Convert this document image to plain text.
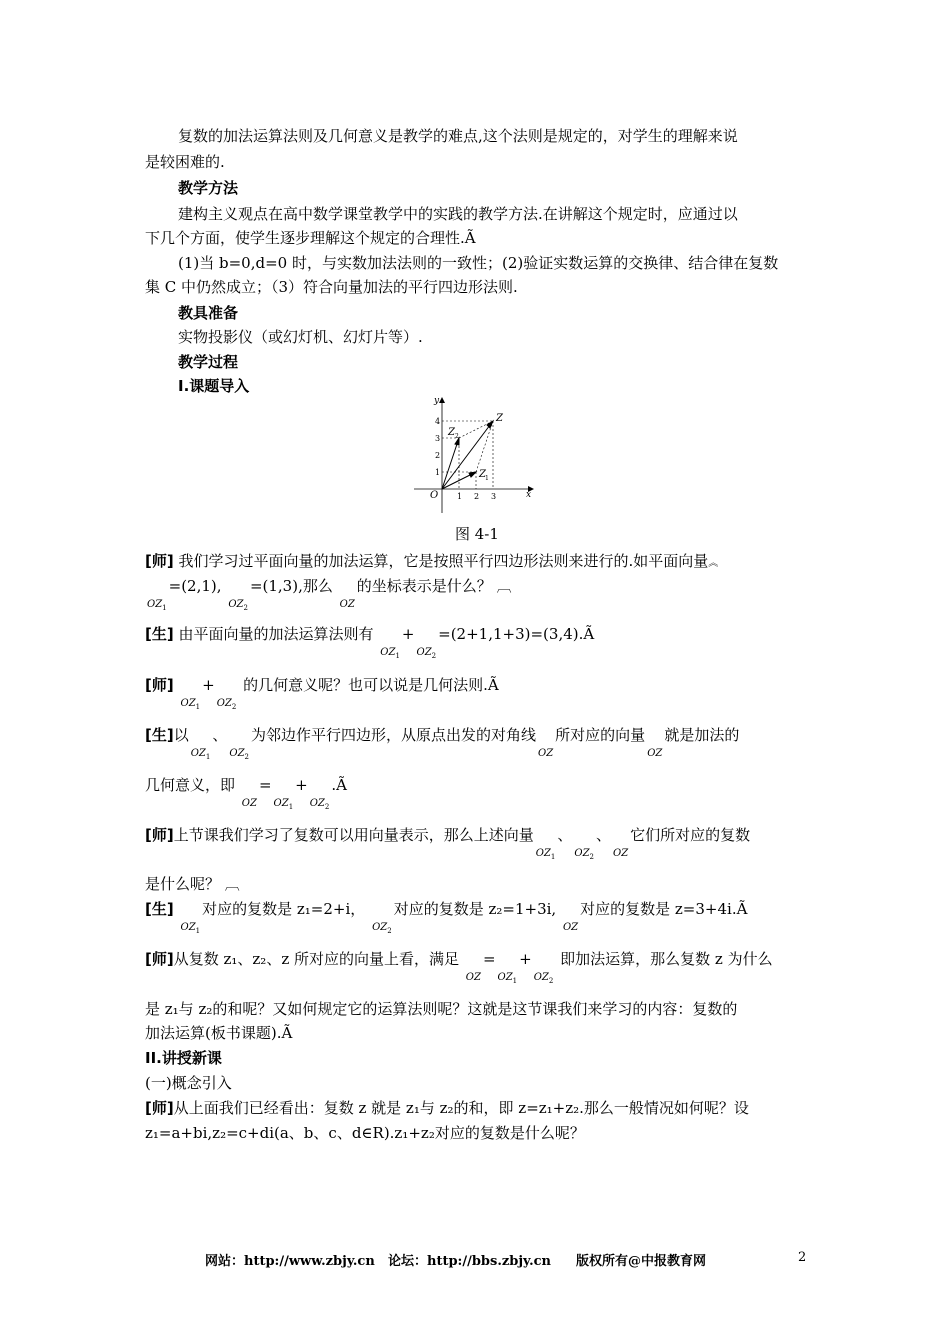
复数的加法运算法则及几何意义是教学的难点,这个法则是规定的，对学生的理解来说
是较困难的.
教学方法
建构主义观点在高中数学课堂教学中的实践的教学方法.在讲解这个规定时，应通过以
下几个方面，使学生逐步理解这个规定的合理性.Ã
(1)当 b=0,d=0 时，与实数加法法则的一致性；(2)验证实数运算的交换律、结合律在复数
集 C 中仍然成立；（3）符合向量加法的平行四边形法则.
教具准备
实物投影仪（或幻灯机、幻灯片等）.
教学过程
I.课题导入
x
y
O 1 2 3
1
2
3
4	Z
Z 1
Z 2
图 4-1
[师] 我们学习过平面向量的加法运算，它是按照平行四边形法则来进行的.如平面向量︽
$OZ_1=(2,1)$,
$OZ_2=(1,3)$,那么
OZ的坐标表示是什么？ ︹
[生] 由平面向量的加法运算法则有
$OZ_1+$
$OZ_2=(2+1,1+3)=(3,4).Ã$
[师]
$OZ_1+$
$OZ_2$ 的几何意义呢？也可以说是几何法则.Ã
[生]以
$OZ_1$、
$OZ_2$为邻边作平行四边形，从原点出发的对角线
OZ所对应的向量
OZ就是加法的
几何意义，即
OZ=
$OZ_1+$
$OZ_2.Ã$
[师]上节课我们学习了复数可以用向量表示，那么上述向量
$OZ_1$、
$OZ_2$、
OZ它们所对应的复数
是什么呢？ ︹
[生]
$OZ_1$对应的复数是 z₁=2+i，
$OZ_2$对应的复数是 z₂=1+3i,
OZ对应的复数是 z=3+4i.Ã
[师]从复数 z₁、z₂、z 所对应的向量上看，满足
OZ=
$OZ_1+$
$OZ_2$ 即加法运算，那么复数 z 为什么
是 z₁与 z₂的和呢？又如何规定它的运算法则呢？这就是这节课我们来学习的内容：复数的
加法运算(板书课题).Ã
II.讲授新课
(一)概念引入
[师]从上面我们已经看出：复数 z 就是 z₁与 z₂的和，即 z=z₁+z₂.那么一般情况如何呢？设
z₁=a+bi,z₂=c+di(a、b、c、d∈R).z₁+z₂对应的复数是什么呢？
网站：http://www.zbjy.cn 论坛：http://bbs.zbjy.cn 版权所有@中报教育网	2
